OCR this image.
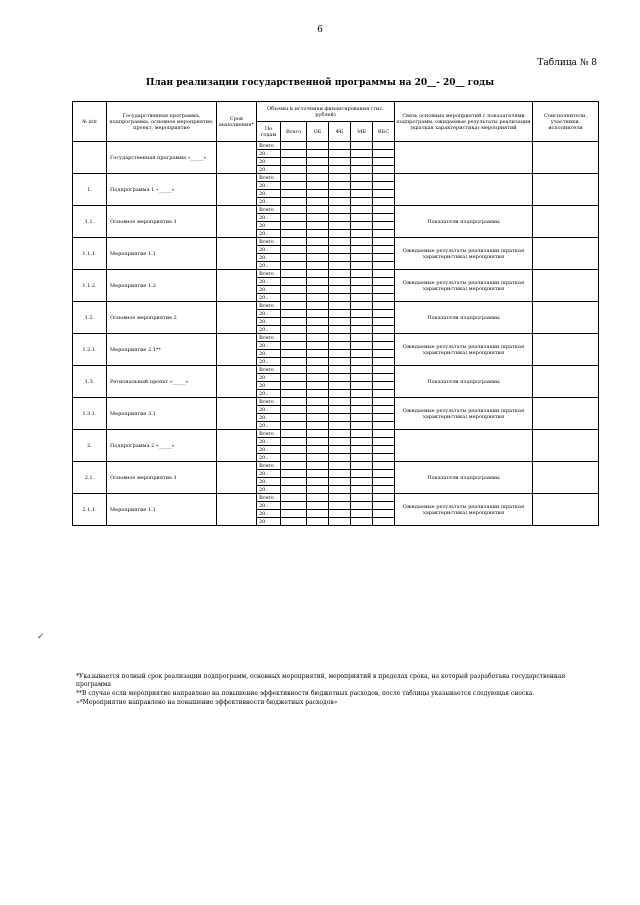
6
Таблица № 8
План реализации государственной программы на 20__- 20__ годы
№ п/п	Государственная программа, подпрограмма, основное мероприятие, проект, мероприятие	Срок выполнения*	Объемы и источники финансирования (тыс. рублей)						Связь основных мероприятий с показателями подпрограмм, ожидаемые результаты реализации (краткая характеристика) мероприятий	Соисполнители, участники, исполнители
			По годам	Всего	ОБ	ФБ	МБ	ВБС		
	Государственная программа «_____»		Всего							
			20..							
			20							
			20.							
1.	Подпрограмма 1 «_____»		Всего							
			20..							
			20.							
			20.							
1.1.	Основное мероприятие 1		Всего						Показатели подпрограммы	
			20..							
			20							
			20.							
1.1.1.	Мероприятие 1.1		Всего						Ожидаемые результаты реализации (краткая характеристика) мероприятия	
			20..							
			20.							
			20..							
1.1.2.	Мероприятие 1.2		Всего						Ожидаемые результаты реализации (краткая характеристика) мероприятия	
			20..							
			20.							
			20..							
1.2.	Основное мероприятие 2		Всего						Показатели подпрограммы	
			20..							
			20.							
			20..							
1.2.1.	Мероприятие 2.1**		Всего						Ожидаемые результаты реализации (краткая характеристика) мероприятия	
			20..							
			20.							
			20..							
1.3.	Региональный проект «_____»		Всего						Показатели подпрограммы	
			20							
			20							
			20..							
1.3.1.	Мероприятие 3.1		Всего						Ожидаемые результаты реализации (краткая характеристика) мероприятия	
			20..							
			20.							
			20..							
2.	Подпрограмма 2 «_____»		Всего							
			20..							
			20..							
			20..							
2.1.	Основное мероприятие 1		Всего						Показатели подпрограммы	
			20..							
			20.							
			20.							
2.1.1.	Мероприятие 1.1		Всего						Ожидаемые результаты реализации (краткая характеристика) мероприятия	
			20..							
			20..							
			20							

*Указывается полный срок реализации подпрограмм, основных мероприятий, мероприятий в пределах срока, на который разработана государственная программа

**В случае если мероприятие направлено на повышение эффективности бюджетных расходов, после таблицы указывается следующая сноска.

«*Мероприятие направлено на повышение эффективности бюджетных расходов»

✓
